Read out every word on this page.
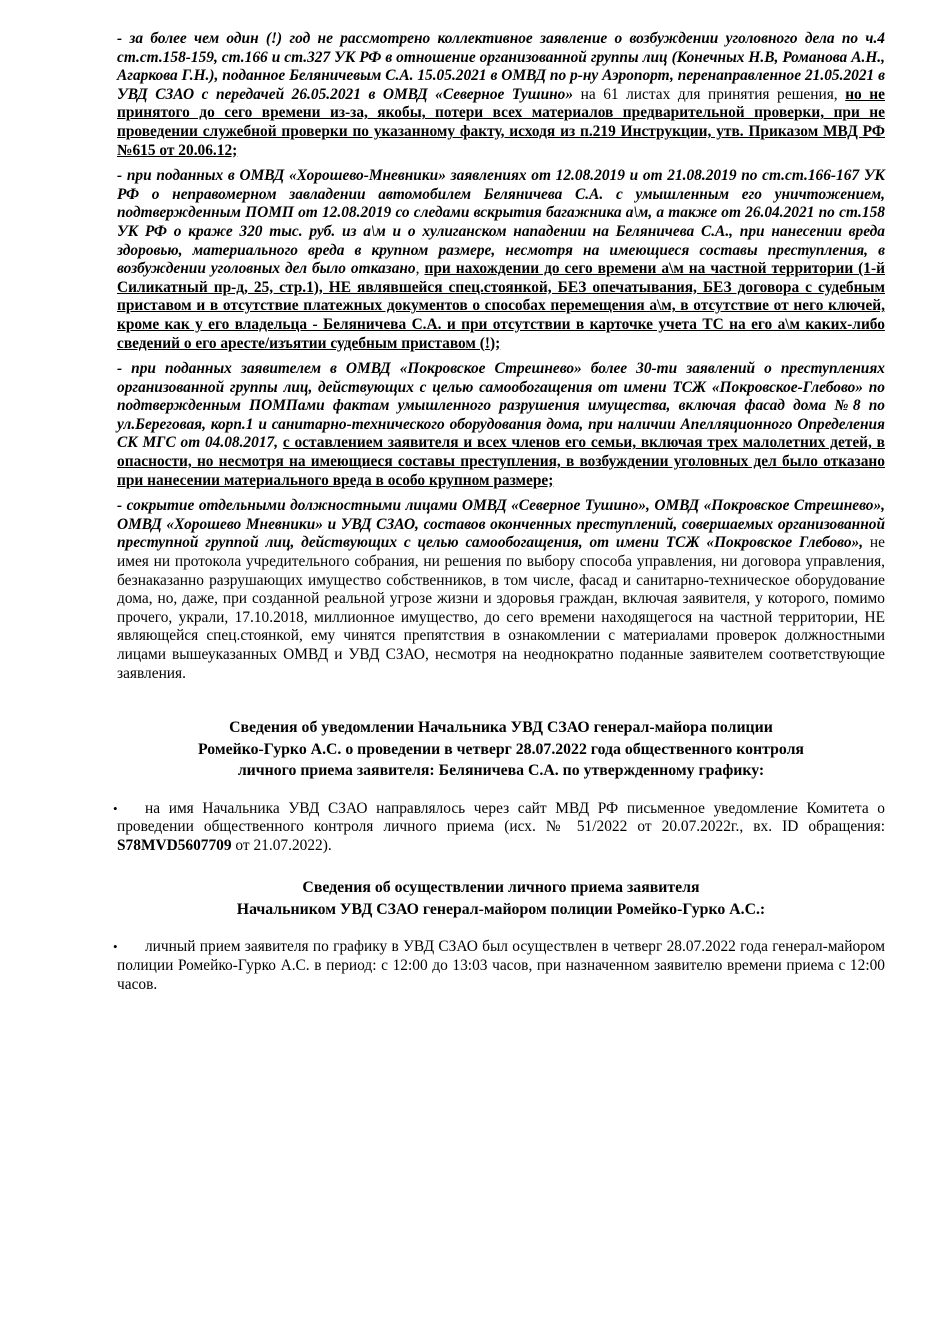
- за более чем один (!) год не рассмотрено коллективное заявление о возбуждении уголовного дела по ч.4 ст.ст.158-159, ст.166 и ст.327 УК РФ в отношение организованной группы лиц (Конечных Н.В, Романова А.Н., Агаркова Г.Н.), поданное Беляничевым С.А. 15.05.2021 в ОМВД по р-ну Аэропорт, перенаправленное 21.05.2021 в УВД СЗАО с передачей 26.05.2021 в ОМВД «Северное Тушино» на 61 листах для принятия решения, но не принятого до сего времени из-за, якобы, потери всех материалов предварительной проверки, при не проведении служебной проверки по указанному факту, исходя из п.219 Инструкции, утв. Приказом МВД РФ №615 от 20.06.12;

- при поданных в ОМВД «Хорошево-Мневники» заявлениях от 12.08.2019 и от 21.08.2019 по ст.ст.166-167 УК РФ о неправомерном завладении автомобилем Беляничева С.А. с умышленным его уничтожением, подтвержденным ПОМП от 12.08.2019 со следами вскрытия багажника а\м, а также от 26.04.2021 по ст.158 УК РФ о краже 320 тыс. руб. из а\м и о хулиганском нападении на Беляничева С.А., при нанесении вреда здоровью, материального вреда в крупном размере, несмотря на имеющиеся составы преступления, в возбуждении уголовных дел было отказано, при нахождении до сего времени а\м на частной территории (1-й Силикатный пр-д, 25, стр.1), НЕ являвшейся спец.стоянкой, БЕЗ опечатывания, БЕЗ договора с судебным приставом и в отсутствие платежных документов о способах перемещения а\м, в отсутствие от него ключей, кроме как у его владельца - Беляничева С.А. и при отсутствии в карточке учета ТС на его а\м каких-либо сведений о его аресте/изъятии судебным приставом (!);

- при поданных заявителем в ОМВД «Покровское Стрешнево» более 30-ти заявлений о преступлениях организованной группы лиц, действующих с целью самообогащения от имени ТСЖ «Покровское-Глебово» по подтвержденным ПОМПами фактам умышленного разрушения имущества, включая фасад дома №8 по ул.Береговая, корп.1 и санитарно-технического оборудования дома, при наличии Апелляционного Определения СК МГС от 04.08.2017, с оставлением заявителя и всех членов его семьи, включая трех малолетних детей, в опасности, но несмотря на имеющиеся составы преступления, в возбуждении уголовных дел было отказано при нанесении материального вреда в особо крупном размере;

- сокрытие отдельными должностными лицами ОМВД «Северное Тушино», ОМВД «Покровское Стрешнево», ОМВД «Хорошево Мневники» и УВД СЗАО, составов оконченных преступлений, совершаемых организованной преступной группой лиц, действующих с целью самообогащения, от имени ТСЖ «Покровское Глебово», не имея ни протокола учредительного собрания, ни решения по выбору способа управления, ни договора управления, безнаказанно разрушающих имущество собственников, в том числе, фасад и санитарно-техническое оборудование дома, но, даже, при созданной реальной угрозе жизни и здоровья граждан, включая заявителя, у которого, помимо прочего, украли, 17.10.2018, миллионное имущество, до сего времени находящегося на частной территории, НЕ являющейся спец.стоянкой, ему чинятся препятствия в ознакомлении с материалами проверок должностными лицами вышеуказанных ОМВД и УВД СЗАО, несмотря на неоднократно поданные заявителем соответствующие заявления.

Сведения об уведомлении Начальника УВД СЗАО генерал-майора полиции
Ромейко-Гурко А.С. о проведении в четверг 28.07.2022 года общественного контроля
личного приема заявителя: Беляничева С.А. по утвержденному графику:
•	на имя Начальника УВД СЗАО направлялось через сайт МВД РФ письменное уведомление Комитета о проведении общественного контроля личного приема (исх. № 51/2022 от 20.07.2022г., вх. ID обращения: S78MVD5607709 от 21.07.2022).
Сведения об осуществлении личного приема заявителя
Начальником УВД СЗАО генерал-майором полиции Ромейко-Гурко А.С.:
•	личный прием заявителя по графику в УВД СЗАО был осуществлен в четверг 28.07.2022 года генерал-майором полиции Ромейко-Гурко А.С. в период: с 12:00 до 13:03 часов, при назначенном заявителю времени приема с 12:00 часов.
